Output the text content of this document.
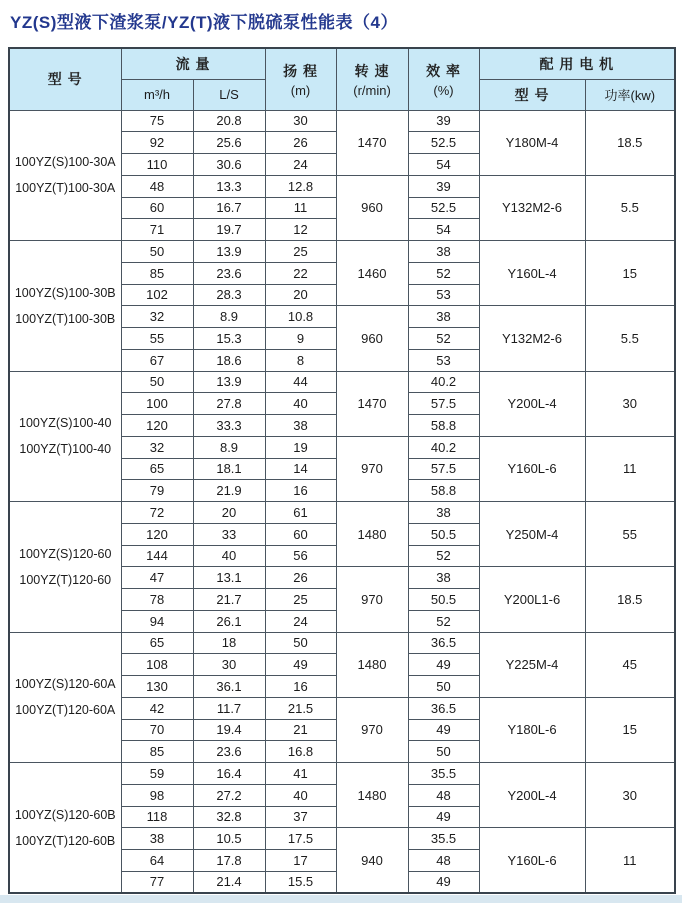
YZ(S)型液下渣浆泵/YZ(T)液下脱硫泵性能表（4）
型 号

流 量	扬 程
(m)

转 速
(r/min)

效 率
(%)

配 用 电 机

	m³/h	L/S				型 号	功率(kw)

100YZ(S)100-30A
100YZ(T)100-30A	75	20.8	30	1470	39	Y180M-4	18.5
	92	25.6	26		52.5		
	110	30.6	24		54		
	48	13.3	12.8	960	39	Y132M2-6	5.5
	60	16.7	11		52.5		
	71	19.7	12		54		

100YZ(S)100-30B
100YZ(T)100-30B	50	13.9	25	1460	38	Y160L-4	15
	85	23.6	22		52		
	102	28.3	20		53		
	32	8.9	10.8	960	38	Y132M2-6	5.5
	55	15.3	9		52		
	67	18.6	8		53		

100YZ(S)100-40
100YZ(T)100-40	50	13.9	44	1470	40.2	Y200L-4	30
	100	27.8	40		57.5		
	120	33.3	38		58.8		
	32	8.9	19	970	40.2	Y160L-6	11
	65	18.1	14		57.5		
	79	21.9	16		58.8		

100YZ(S)120-60
100YZ(T)120-60	72	20	61	1480	38	Y250M-4	55
	120	33	60		50.5		
	144	40	56		52		
	47	13.1	26	970	38	Y200L1-6	18.5
	78	21.7	25		50.5		
	94	26.1	24		52		

100YZ(S)120-60A
100YZ(T)120-60A	65	18	50	1480	36.5	Y225M-4	45
	108	30	49		49		
	130	36.1	16		50		
	42	11.7	21.5	970	36.5	Y180L-6	15
	70	19.4	21		49		
	85	23.6	16.8		50		

100YZ(S)120-60B
100YZ(T)120-60B	59	16.4	41	1480	35.5	Y200L-4	30
	98	27.2	40		48		
	118	32.8	37		49		
	38	10.5	17.5	940	35.5	Y160L-6	11
	64	17.8	17		48		
	77	21.4	15.5		49		
